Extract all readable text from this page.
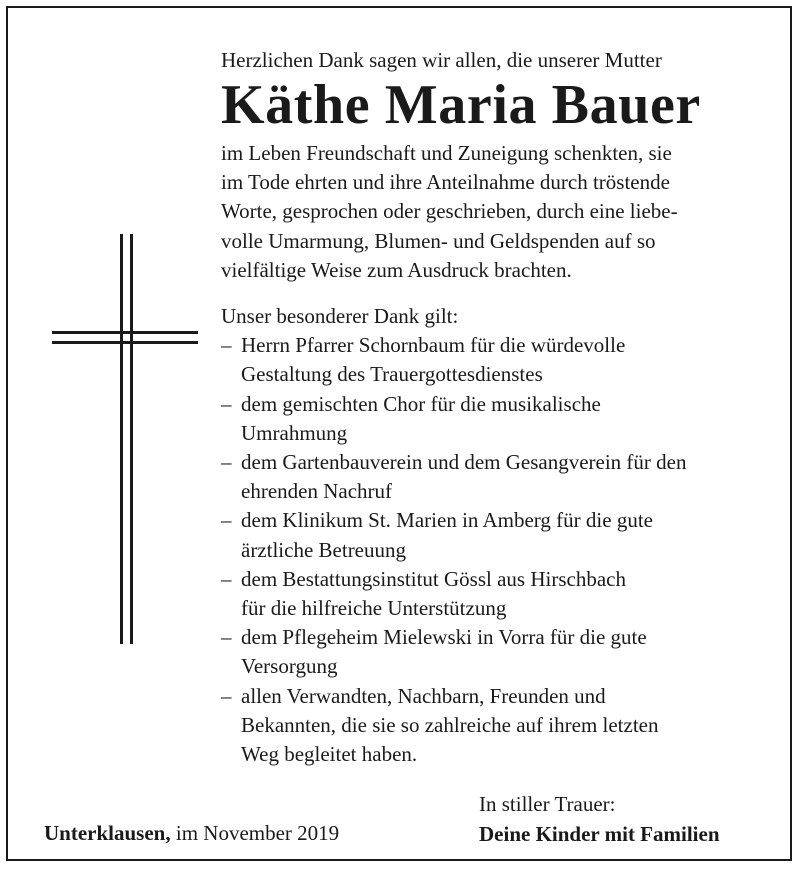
Herzlichen Dank sagen wir allen, die unserer Mutter

Käthe Maria Bauer

im Leben Freundschaft und Zuneigung schenkten, sie
im Tode ehrten und ihre Anteilnahme durch tröstende
Worte, gesprochen oder geschrieben, durch eine liebe-
volle Umarmung, Blumen- und Geldspenden auf so
vielfältige Weise zum Ausdruck brachten.

Unser besonderer Dank gilt:

– Herrn Pfarrer Schornbaum für die würdevolle
Gestaltung des Trauergottesdienstes
– dem gemischten Chor für die musikalische
Umrahmung
– dem Gartenbauverein und dem Gesangverein für den
ehrenden Nachruf
– dem Klinikum St. Marien in Amberg für die gute
ärztliche Betreuung
– dem Bestattungsinstitut Gössl aus Hirschbach
für die hilfreiche Unterstützung
– dem Pflegeheim Mielewski in Vorra für die gute
Versorgung
– allen Verwandten, Nachbarn, Freunden und
Bekannten, die sie so zahlreiche auf ihrem letzten
Weg begleitet haben.
Unterklausen, im November 2019
In stiller Trauer:
Deine Kinder mit Familien
